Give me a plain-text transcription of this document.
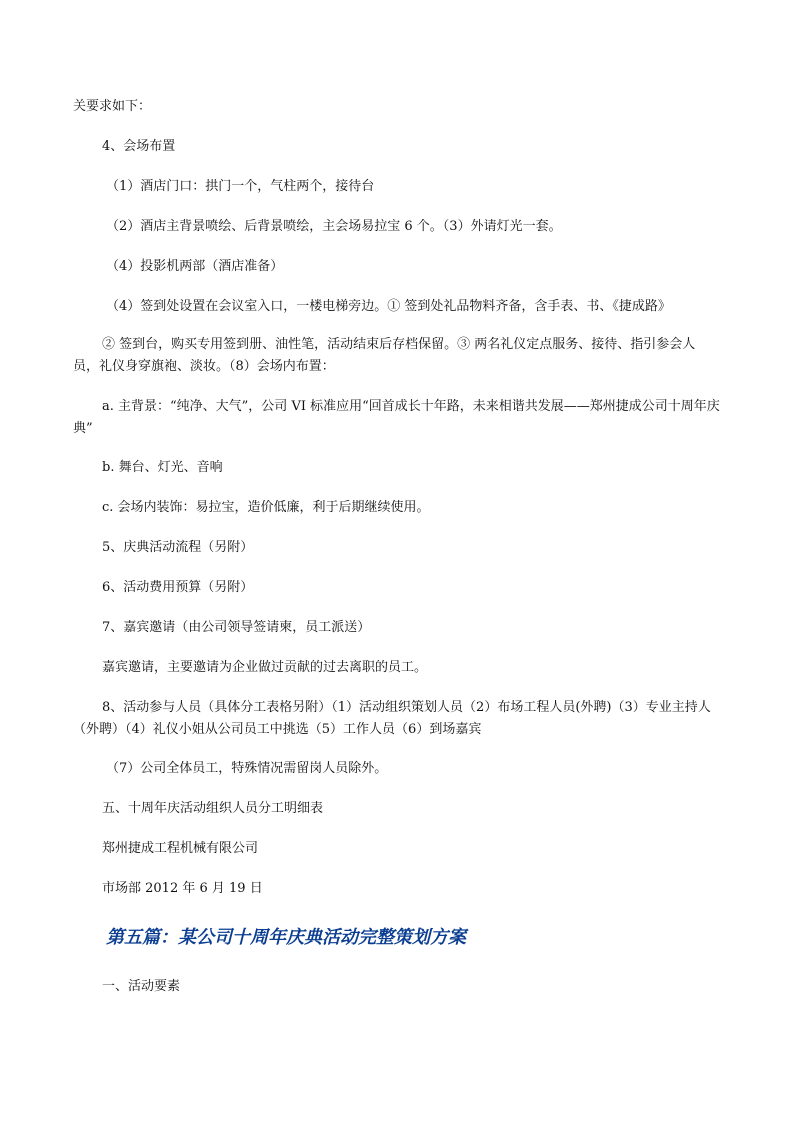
关要求如下：

4、会场布置

（1）酒店门口：拱门一个，气柱两个，接待台

（2）酒店主背景喷绘、后背景喷绘，主会场易拉宝 6 个。（3）外请灯光一套。

（4）投影机两部（酒店准备）

（4）签到处设置在会议室入口，一楼电梯旁边。① 签到处礼品物料齐备，含手表、书、《捷成路》

② 签到台，购买专用签到册、油性笔，活动结束后存档保留。③ 两名礼仪定点服务、接待、指引参会人员，礼仪身穿旗袍、淡妆。（8）会场内布置：

a. 主背景：“纯净、大气”，公司 VI 标准应用“回首成长十年路，未来相谐共发展——郑州捷成公司十周年庆典”

b. 舞台、灯光、音响

c. 会场内装饰：易拉宝，造价低廉，利于后期继续使用。

5、庆典活动流程（另附）

6、活动费用预算（另附）

7、嘉宾邀请（由公司领导签请柬，员工派送）

嘉宾邀请，主要邀请为企业做过贡献的过去离职的员工。

8、活动参与人员（具体分工表格另附）（1）活动组织策划人员（2）布场工程人员(外聘)（3）专业主持人（外聘）（4）礼仪小姐从公司员工中挑选（5）工作人员（6）到场嘉宾

（7）公司全体员工，特殊情况需留岗人员除外。

五、十周年庆活动组织人员分工明细表

郑州捷成工程机械有限公司

市场部 2012 年 6 月 19 日

第五篇：某公司十周年庆典活动完整策划方案

一、活动要素
